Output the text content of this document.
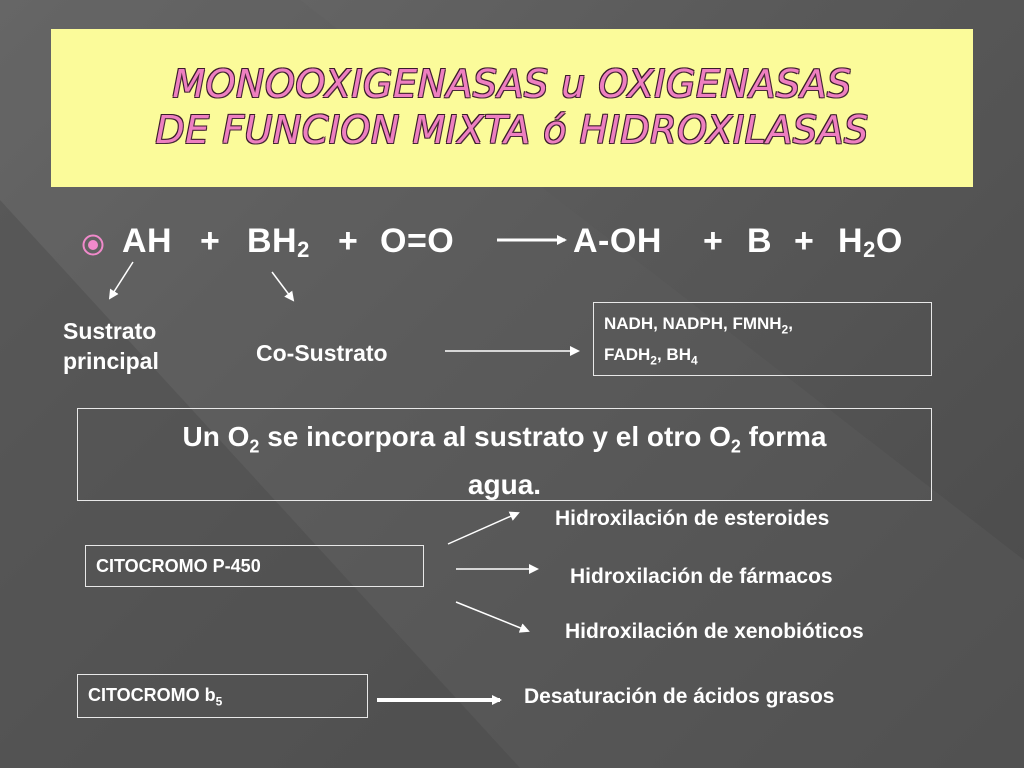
MONOOXIGENASAS u OXIGENASAS
DE FUNCION MIXTA ó HIDROXILASAS
AH + $BH_2 + O=O$	$A-OH + B + H_2O$
Sustrato
principal	Co-Sustrato
NADH, NADPH, $FMNH_2$,
$FADH_2$, $BH_4$
Un $O_2$ se incorpora al sustrato y el otro $O_2$ forma
agua.
CITOCROMO P-450
Hidroxilación de esteroides
Hidroxilación de fármacos
Hidroxilación de xenobióticos
CITOCROMO $b_5$	Desaturación de ácidos grasos
